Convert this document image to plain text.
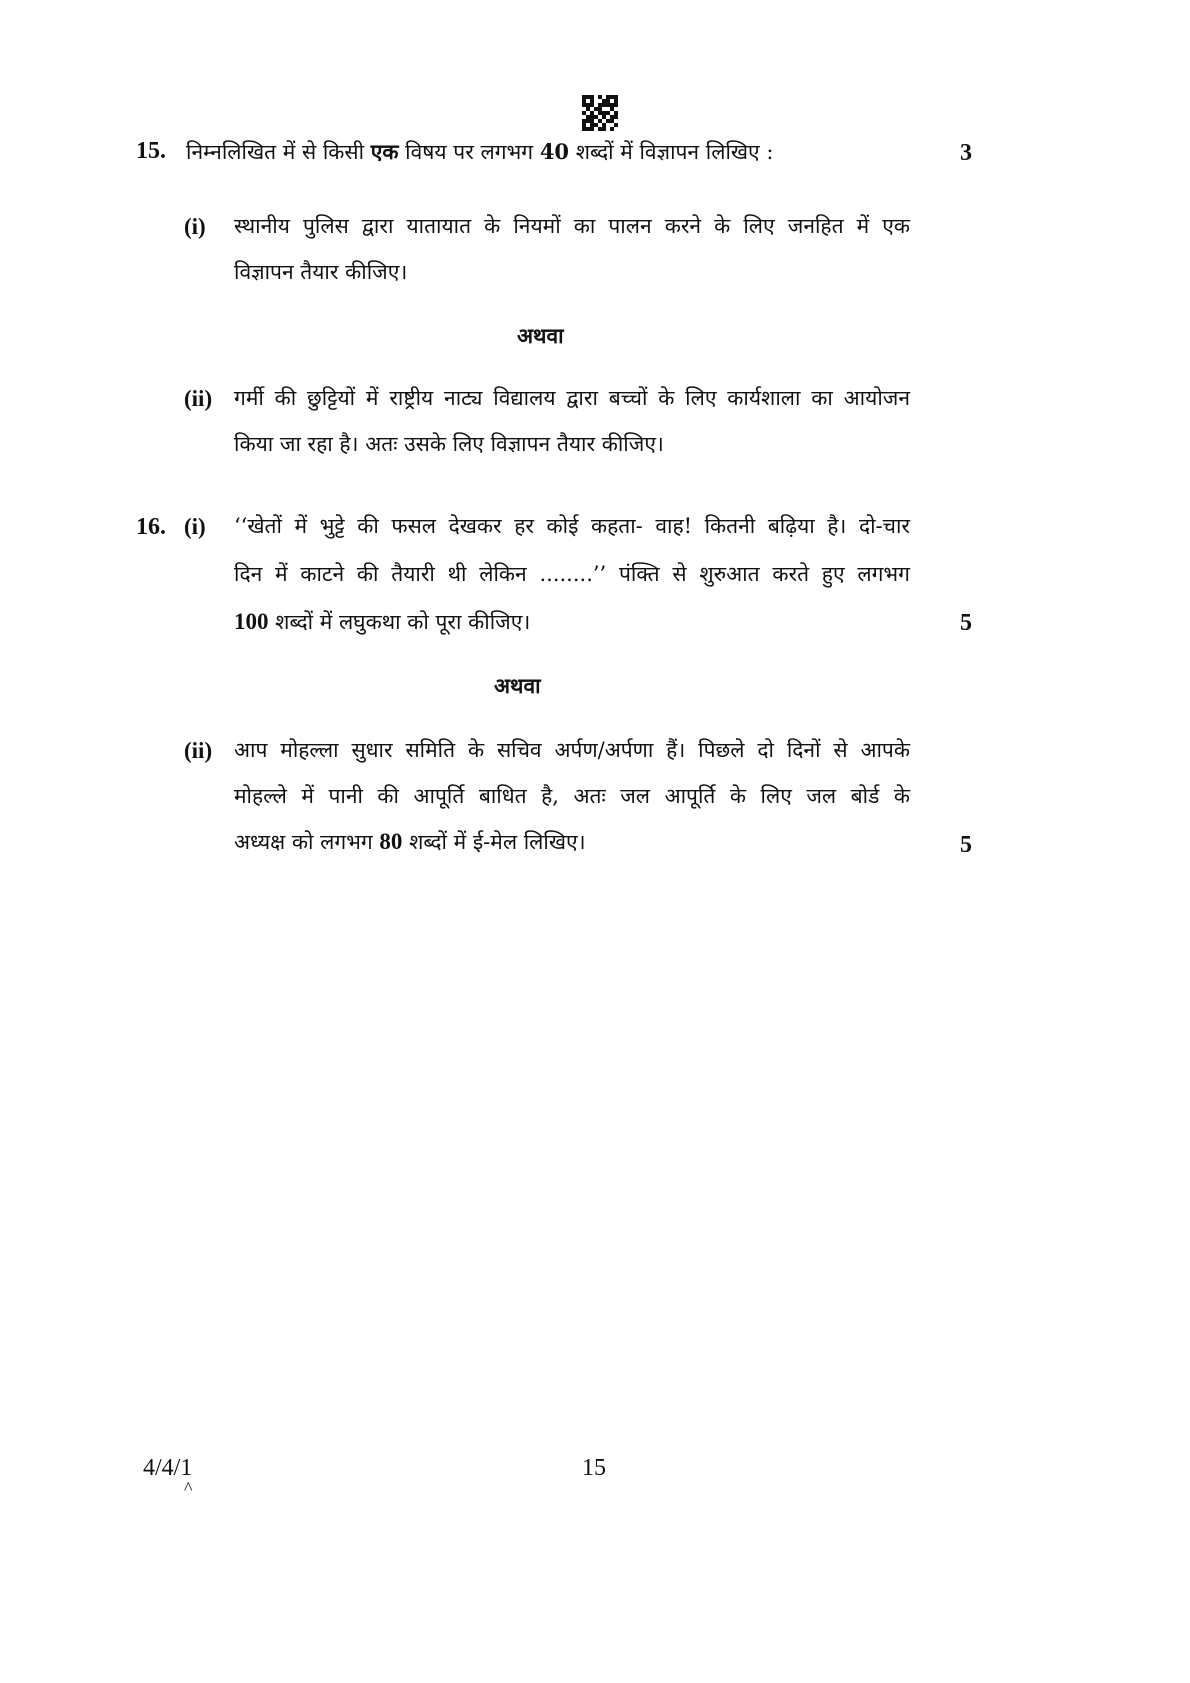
15. निम्नलिखित में से किसी एक विषय पर लगभग 40 शब्दों में विज्ञापन लिखिए :	3
(i) स्थानीय पुलिस द्वारा यातायात के नियमों का पालन करने के लिए जनहित में एक
विज्ञापन तैयार कीजिए।
अथवा
(ii) गर्मी की छुट्टियों में राष्ट्रीय नाट्य विद्यालय द्वारा बच्चों के लिए कार्यशाला का आयोजन
किया जा रहा है। अतः उसके लिए विज्ञापन तैयार कीजिए।
16. (i) ‘‘खेतों में भुट्टे की फसल देखकर हर कोई कहता- वाह! कितनी बढ़िया है। दो-चार
दिन में काटने की तैयारी थी लेकिन ........’’ पंक्ति से शुरुआत करते हुए लगभग
100 शब्दों में लघुकथा को पूरा कीजिए।	5
अथवा
(ii) आप मोहल्ला सुधार समिति के सचिव अर्पण/अर्पणा हैं। पिछले दो दिनों से आपके
मोहल्ले में पानी की आपूर्ति बाधित है, अतः जल आपूर्ति के लिए जल बोर्ड के
अध्यक्ष को लगभग 80 शब्दों में ई-मेल लिखिए।	5
4/4/1
^
15
